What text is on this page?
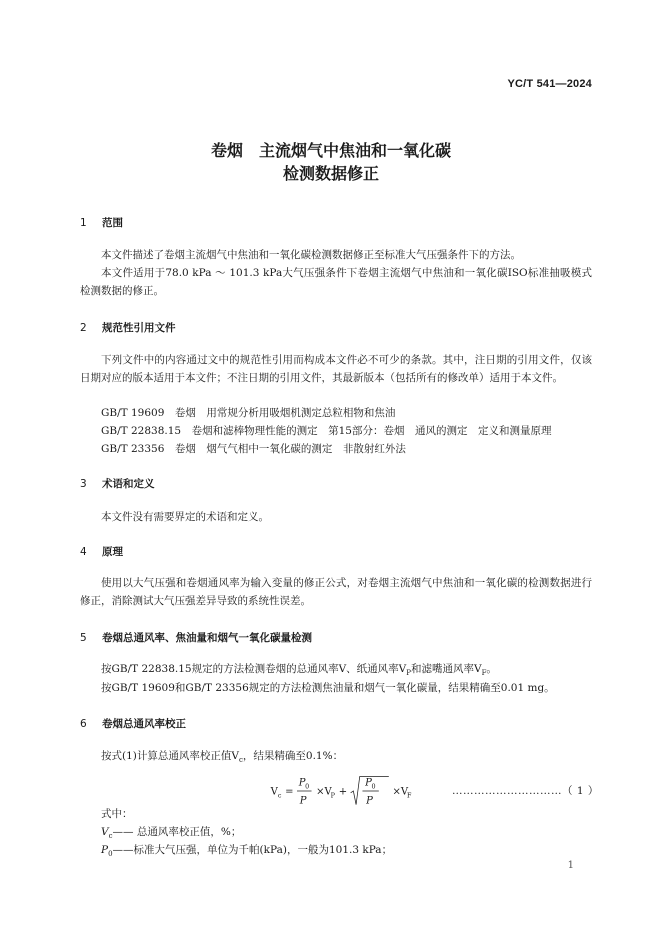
YC/T 541—2024
卷烟　主流烟气中焦油和一氧化碳
检测数据修正
1 范围
本文件描述了卷烟主流烟气中焦油和一氧化碳检测数据修正至标准大气压强条件下的方法。
本文件适用于78.0 kPa ～ 101.3 kPa大气压强条件下卷烟主流烟气中焦油和一氧化碳ISO标准抽吸模式检测数据的修正。
2 规范性引用文件
下列文件中的内容通过文中的规范性引用而构成本文件必不可少的条款。其中，注日期的引用文件，仅该日期对应的版本适用于本文件；不注日期的引用文件，其最新版本（包括所有的修改单）适用于本文件。
GB/T 19609　卷烟　用常规分析用吸烟机测定总粒相物和焦油
GB/T 22838.15　卷烟和滤棒物理性能的测定　第15部分：卷烟　通风的测定　定义和测量原理
GB/T 23356　卷烟　烟气气相中一氧化碳的测定　非散射红外法
3 术语和定义
本文件没有需要界定的术语和定义。
4 原理
使用以大气压强和卷烟通风率为输入变量的修正公式，对卷烟主流烟气中焦油和一氧化碳的检测数据进行修正，消除测试大气压强差异导致的系统性误差。
5 卷烟总通风率、焦油量和烟气一氧化碳量检测
按GB/T 22838.15规定的方法检测卷烟的总通风率V、纸通风率$V_P$和滤嘴通风率$V_F$。
按GB/T 19609和GB/T 23356规定的方法检测焦油量和烟气一氧化碳量，结果精确至0.01 mg。
6 卷烟总通风率校正
按式(1)计算总通风率校正值$V_c$，结果精确至0.1%：
V c =
P 0
P
×V
P +
P 0
P
×V
F	…………………………（ 1 ）
式中：
$V_c——$ 总通风率校正值，%；
$P_0——$标准大气压强，单位为千帕(kPa)，一般为101.3 kPa；
1
